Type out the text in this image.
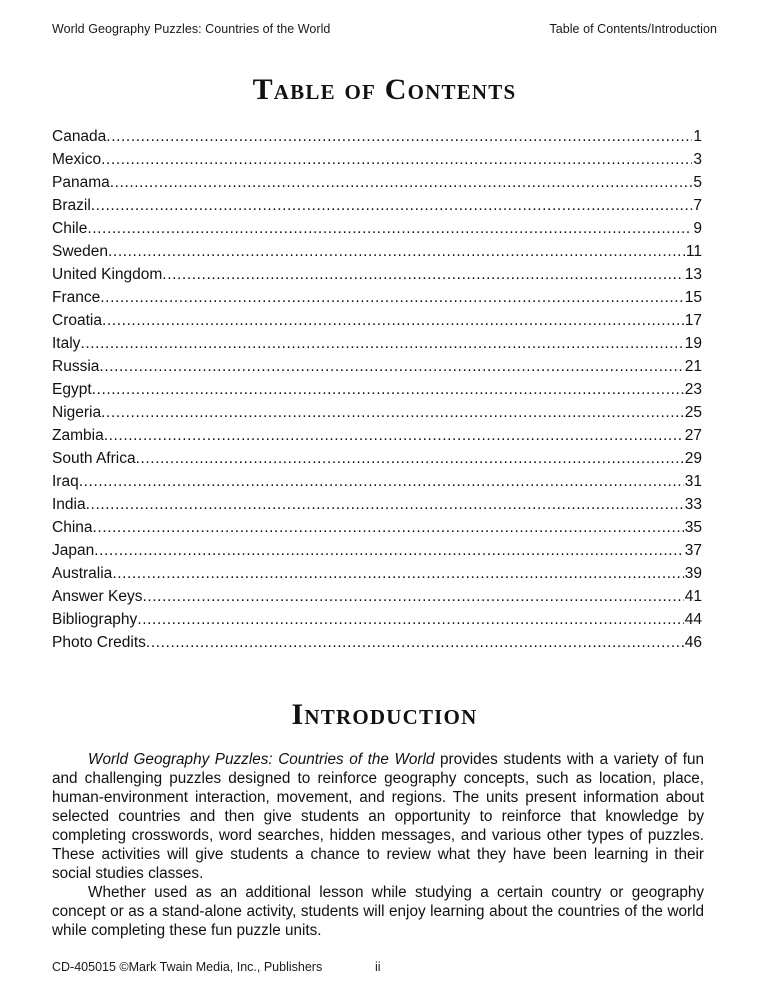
World Geography Puzzles: Countries of the World	Table of Contents/Introduction
Table of Contents
Canada .....	1
Mexico .....	3
Panama .....	5
Brazil .....	7
Chile .....	9
Sweden .....	11
United Kingdom .....	13
France .....	15
Croatia .....	17
Italy .....	19
Russia .....	21
Egypt .....	23
Nigeria .....	25
Zambia .....	27
South Africa .....	29
Iraq .....	31
India .....	33
China .....	35
Japan .....	37
Australia .....	39
Answer Keys .....	41
Bibliography .....	44
Photo Credits .....	46
Introduction

World Geography Puzzles: Countries of the World provides students with a variety of fun and challenging puzzles designed to reinforce geography concepts, such as location, place, human-environment interaction, movement, and regions. The units present information about selected countries and then give students an opportunity to reinforce that knowledge by completing crosswords, word searches, hidden messages, and various other types of puzzles. These activities will give students a chance to review what they have been learning in their social studies classes.

Whether used as an additional lesson while studying a certain country or geography concept or as a stand-alone activity, students will enjoy learning about the countries of the world while completing these fun puzzle units.

CD-405015 ©Mark Twain Media, Inc., Publishers	ii
